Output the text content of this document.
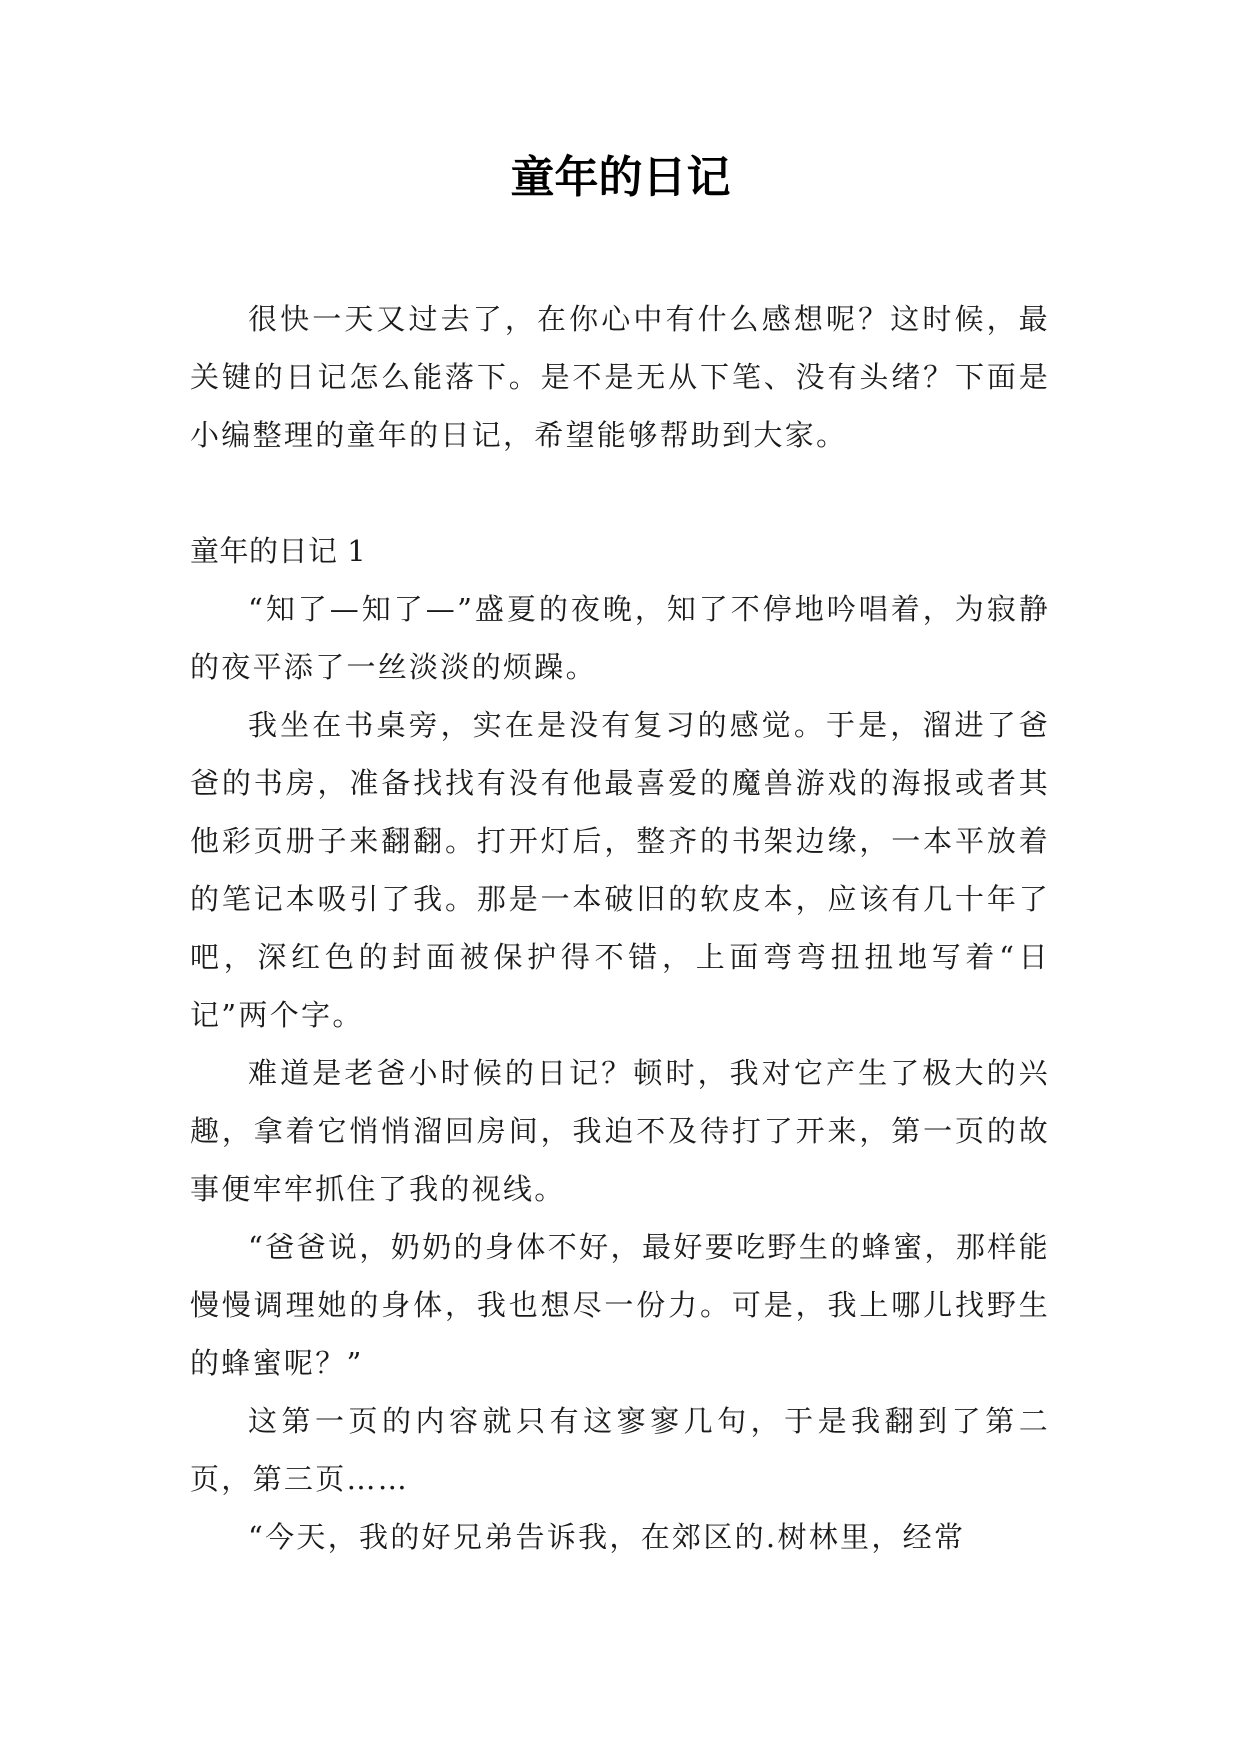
童年的日记

很快一天又过去了，在你心中有什么感想呢？这时候，最关键的日记怎么能落下。是不是无从下笔、没有头绪？下面是小编整理的童年的日记，希望能够帮助到大家。

童年的日记 1

“知了—知了—”盛夏的夜晚，知了不停地吟唱着，为寂静的夜平添了一丝淡淡的烦躁。

我坐在书桌旁，实在是没有复习的感觉。于是，溜进了爸爸的书房，准备找找有没有他最喜爱的魔兽游戏的海报或者其他彩页册子来翻翻。打开灯后，整齐的书架边缘，一本平放着的笔记本吸引了我。那是一本破旧的软皮本，应该有几十年了吧，深红色的封面被保护得不错，上面弯弯扭扭地写着“日记”两个字。

难道是老爸小时候的日记？顿时，我对它产生了极大的兴趣，拿着它悄悄溜回房间，我迫不及待打了开来，第一页的故事便牢牢抓住了我的视线。

“爸爸说，奶奶的身体不好，最好要吃野生的蜂蜜，那样能慢慢调理她的身体，我也想尽一份力。可是，我上哪儿找野生的蜂蜜呢？”

这第一页的内容就只有这寥寥几句，于是我翻到了第二页，第三页……

“今天，我的好兄弟告诉我，在郊区的.树林里，经常
